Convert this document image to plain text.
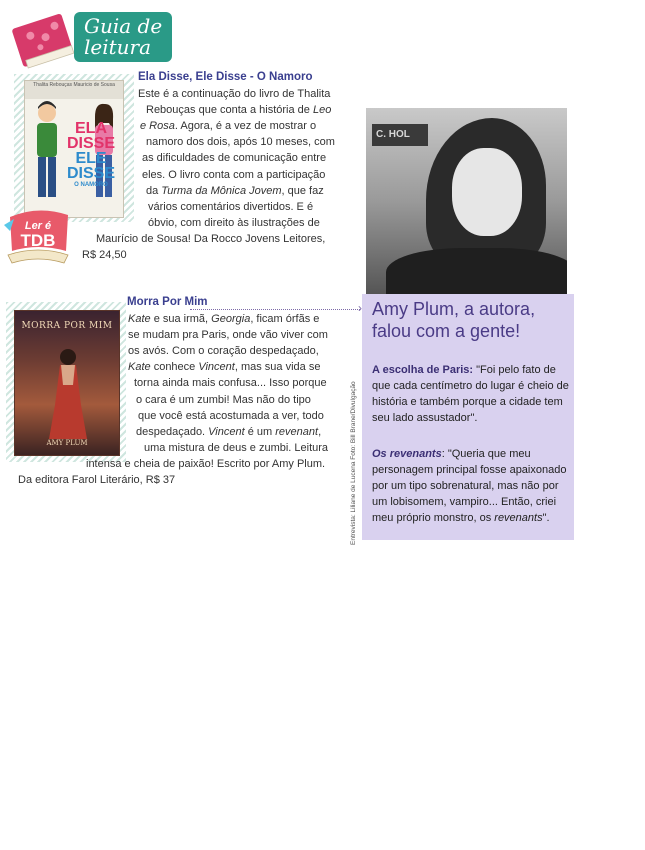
Guia de
leitura
Thalita Rebouças Mauricio de Sousa
ELA
DISSE
ELE
DISSE
O NAMORO
Ler é
TDB
Ela Disse, Ele Disse - O Namoro
MORRA POR MIM
AMY PLUM
Morra Por Mim	›
C. HOL
Amy Plum, a autora,
falou com a gente!
A escolha de Paris: "Foi pelo fato de
que cada centímetro do lugar é cheio de
história e também porque a cidade tem
seu lado assustador".
Os revenants: "Queria que meu
personagem principal fosse apaixonado
por um tipo sobrenatural, mas não por
um lobisomem, vampiro... Então, criei
meu próprio monstro, os revenants".
Entrevista: Liliane de Lucena Foto: Bill Brane/Divulgação
Este é a continuação do livro de Thalita
Rebouças que conta a história de Leo
e Rosa. Agora, é a vez de mostrar o
namoro dos dois, após 10 meses, com
as dificuldades de comunicação entre
eles. O livro conta com a participação
da Turma da Mônica Jovem, que faz
vários comentários divertidos. E é
óbvio, com direito às ilustrações de
Maurício de Sousa! Da Rocco Jovens Leitores,
R$ 24,50
Kate e sua irmã, Georgia, ficam órfãs e
se mudam pra Paris, onde vão viver com
os avós. Com o coração despedaçado,
Kate conhece Vincent, mas sua vida se
torna ainda mais confusa... Isso porque
o cara é um zumbi! Mas não do tipo
que você está acostumada a ver, todo
despedaçado. Vincent é um revenant,
uma mistura de deus e zumbi. Leitura
intensa e cheia de paixão! Escrito por Amy Plum.
Da editora Farol Literário, R$ 37
